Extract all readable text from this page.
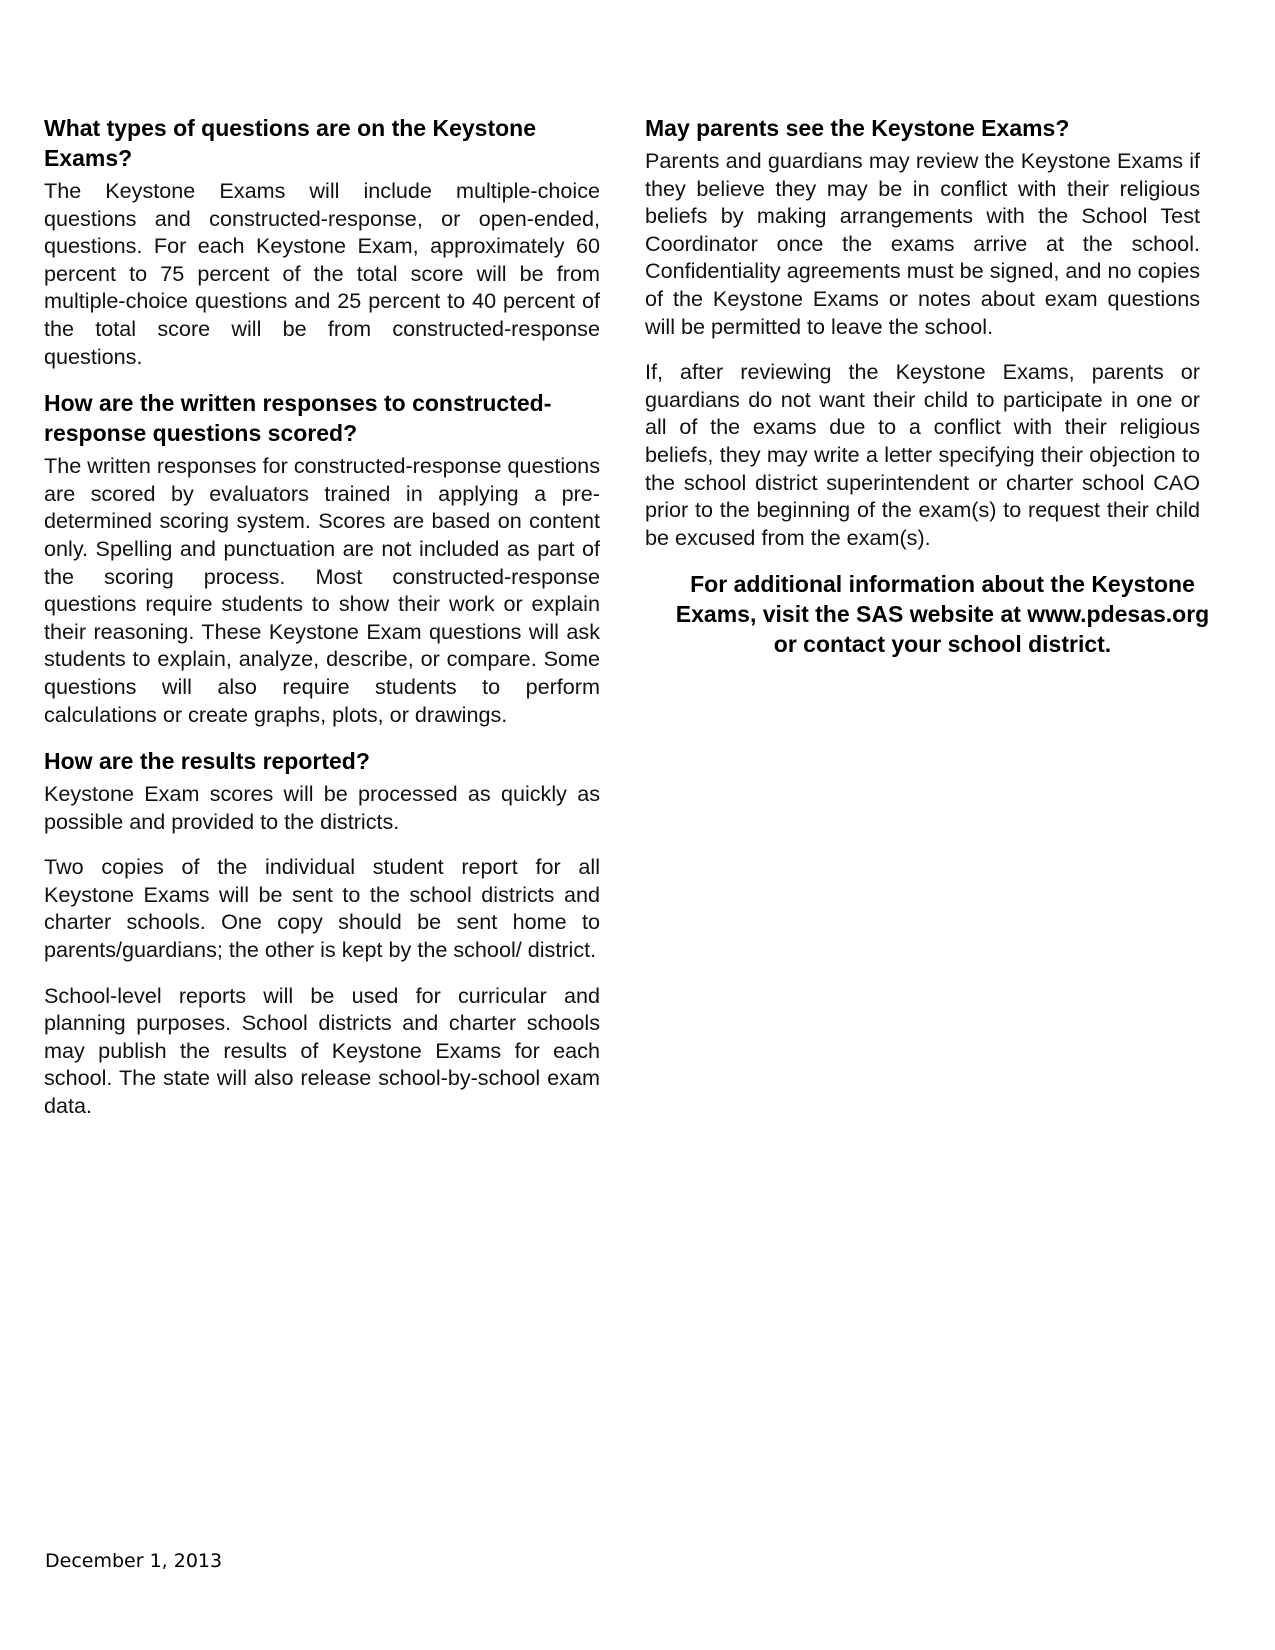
What types of questions are on the Keystone Exams?
The Keystone Exams will include multiple-choice questions and constructed-response, or open-ended, questions. For each Keystone Exam, approximately 60 percent to 75 percent of the total score will be from multiple-choice questions and 25 percent to 40 percent of the total score will be from constructed-response questions.
How are the written responses to constructed-response questions scored?
The written responses for constructed-response questions are scored by evaluators trained in applying a pre-determined scoring system. Scores are based on content only. Spelling and punctuation are not included as part of the scoring process. Most constructed-response questions require students to show their work or explain their reasoning. These Keystone Exam questions will ask students to explain, analyze, describe, or compare. Some questions will also require students to perform calculations or create graphs, plots, or drawings.
How are the results reported?
Keystone Exam scores will be processed as quickly as possible and provided to the districts.
Two copies of the individual student report for all Keystone Exams will be sent to the school districts and charter schools. One copy should be sent home to parents/guardians; the other is kept by the school/ district.
School-level reports will be used for curricular and planning purposes. School districts and charter schools may publish the results of Keystone Exams for each school. The state will also release school-by-school exam data.
May parents see the Keystone Exams?
Parents and guardians may review the Keystone Exams if they believe they may be in conflict with their religious beliefs by making arrangements with the School Test Coordinator once the exams arrive at the school. Confidentiality agreements must be signed, and no copies of the Keystone Exams or notes about exam questions will be permitted to leave the school.
If, after reviewing the Keystone Exams, parents or guardians do not want their child to participate in one or all of the exams due to a conflict with their religious beliefs, they may write a letter specifying their objection to the school district superintendent or charter school CAO prior to the beginning of the exam(s) to request their child be excused from the exam(s).
For additional information about the Keystone
Exams, visit the SAS website at www.pdesas.org
or contact your school district.
December 1, 2013
